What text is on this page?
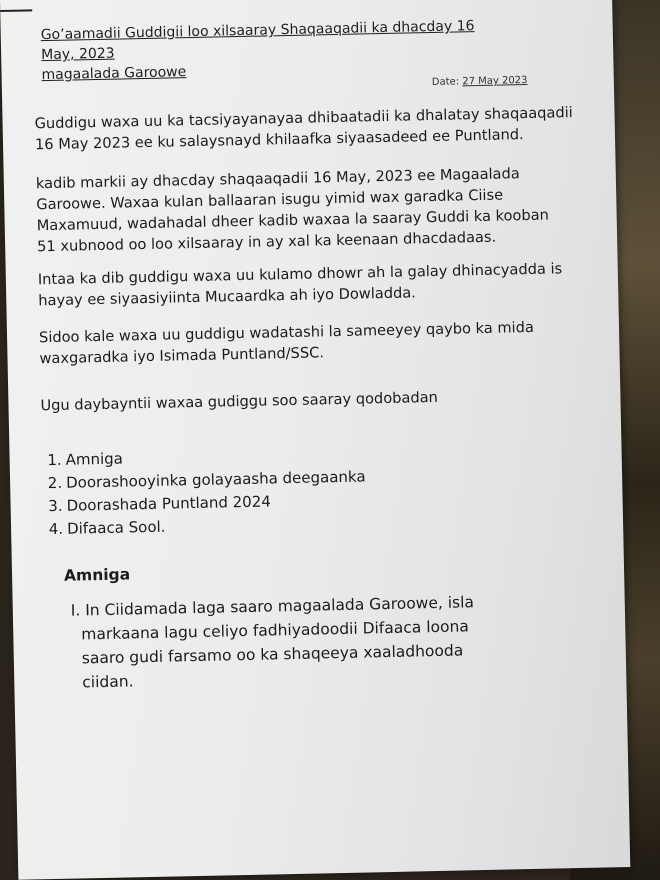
Go’aamadii Guddigii loo xilsaaray Shaqaaqadii ka dhacday 16 May, 2023
magaalada Garoowe	Date: 27 May 2023

Guddigu waxa uu ka tacsiyayanayaa dhibaatadii ka dhalatay shaqaaqadii
16 May 2023 ee ku salaysnayd khilaafka siyaasadeed ee Puntland.

kadib markii ay dhacday shaqaaqadii 16 May, 2023 ee Magaalada
Garoowe. Waxaa kulan ballaaran isugu yimid wax garadka Ciise
Maxamuud, wadahadal dheer kadib waxaa la saaray Guddi ka kooban
51 xubnood oo loo xilsaaray in ay xal ka keenaan dhacdadaas.

Intaa ka dib guddigu waxa uu kulamo dhowr ah la galay dhinacyadda is
hayay ee siyaasiyiinta Mucaardka ah iyo Dowladda.

Sidoo kale waxa uu guddigu wadatashi la sameeyey qaybo ka mida
waxgaradka iyo Isimada Puntland/SSC.

Ugu daybayntii waxaa gudiggu soo saaray qodobadan

1. Amniga
2. Doorashooyinka golayaasha deegaanka
3. Doorashada Puntland 2024
4. Difaaca Sool.
Amniga
I. In Ciidamada laga saaro magaalada Garoowe, isla
markaana lagu celiyo fadhiyadoodii Difaaca loona
saaro gudi farsamo oo ka shaqeeya xaaladhooda
ciidan.
